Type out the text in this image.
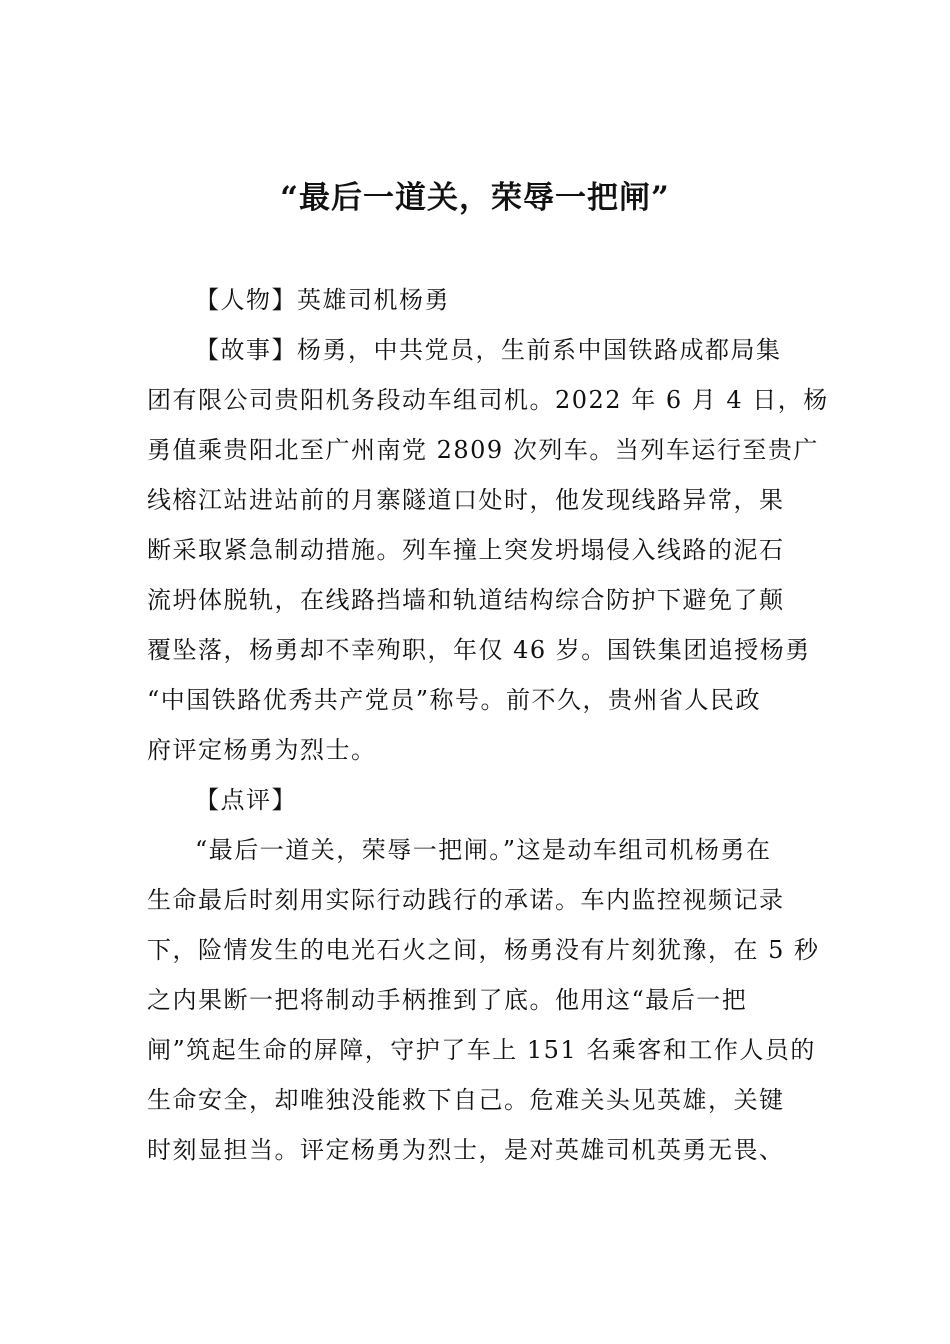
“最后一道关，荣辱一把闸”
【人物】英雄司机杨勇
【故事】杨勇，中共党员，生前系中国铁路成都局集
团有限公司贵阳机务段动车组司机。2022 年 6 月 4 日，杨
勇值乘贵阳北至广州南党 2809 次列车。当列车运行至贵广
线榕江站进站前的月寨隧道口处时，他发现线路异常，果
断采取紧急制动措施。列车撞上突发坍塌侵入线路的泥石
流坍体脱轨，在线路挡墙和轨道结构综合防护下避免了颠
覆坠落，杨勇却不幸殉职，年仅 46 岁。国铁集团追授杨勇
“中国铁路优秀共产党员”称号。前不久，贵州省人民政
府评定杨勇为烈士。
【点评】
“最后一道关，荣辱一把闸。”这是动车组司机杨勇在
生命最后时刻用实际行动践行的承诺。车内监控视频记录
下，险情发生的电光石火之间，杨勇没有片刻犹豫，在 5 秒
之内果断一把将制动手柄推到了底。他用这“最后一把
闸”筑起生命的屏障，守护了车上 151 名乘客和工作人员的
生命安全，却唯独没能救下自己。危难关头见英雄，关键
时刻显担当。评定杨勇为烈士，是对英雄司机英勇无畏、
